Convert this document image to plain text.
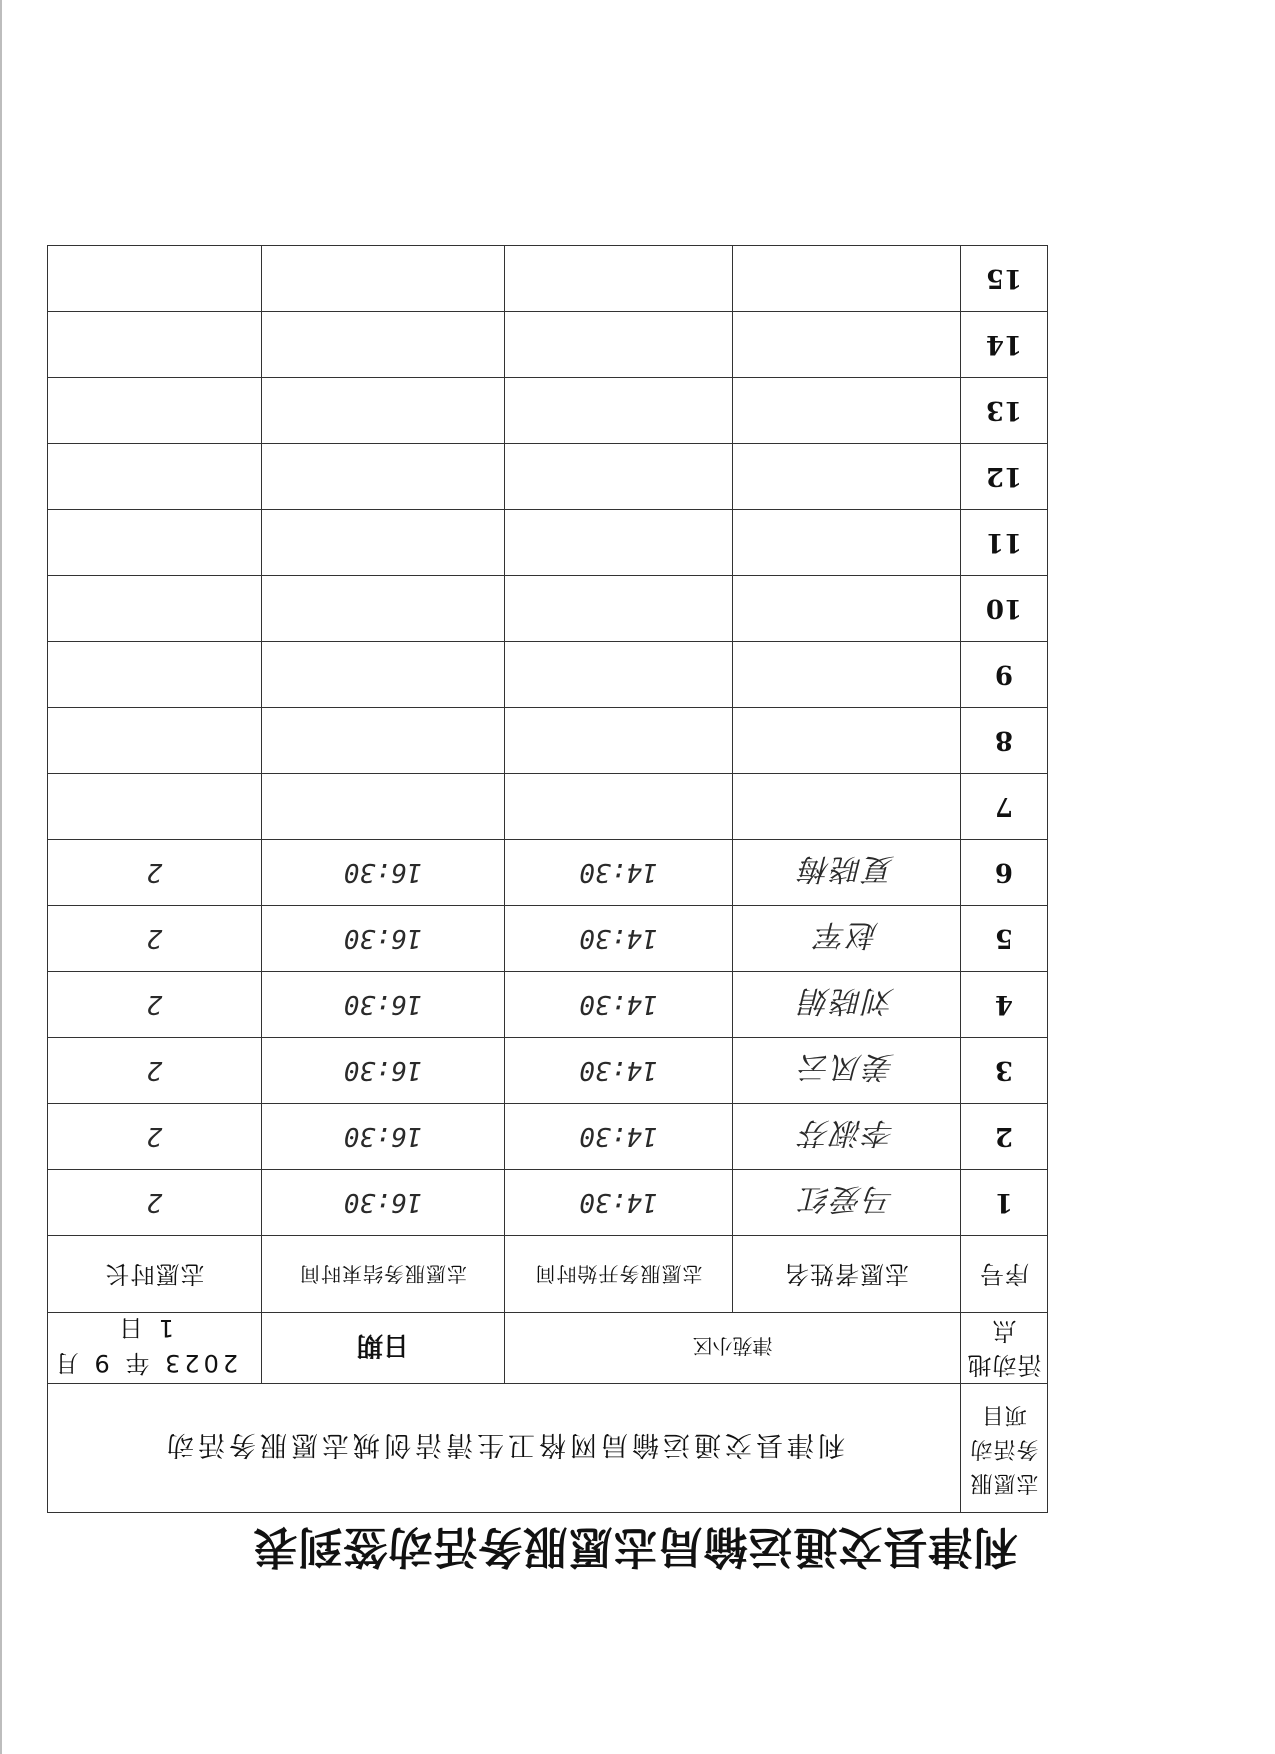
利津县交通运输局志愿服务活动签到表
志愿服务活动项目	利津县交通运输局网格卫生清洁创城志愿服务活动			
活动地点	津苑小区		日期	2023 年 9 月 1 日
序号	志愿者姓名	志愿服务开始时间	志愿服务结束时间	志愿时长
1	马爱红	14:30	16:30	2
2	李淑芬	14:30	16:30	2
3	姜凤云	14:30	16:30	2
4	刘晓娟	14:30	16:30	2
5	赵军	14:30	16:30	2
6	夏晓梅	14:30	16:30	2
7				
8				
9				
10				
11				
12				
13				
14				
15				
